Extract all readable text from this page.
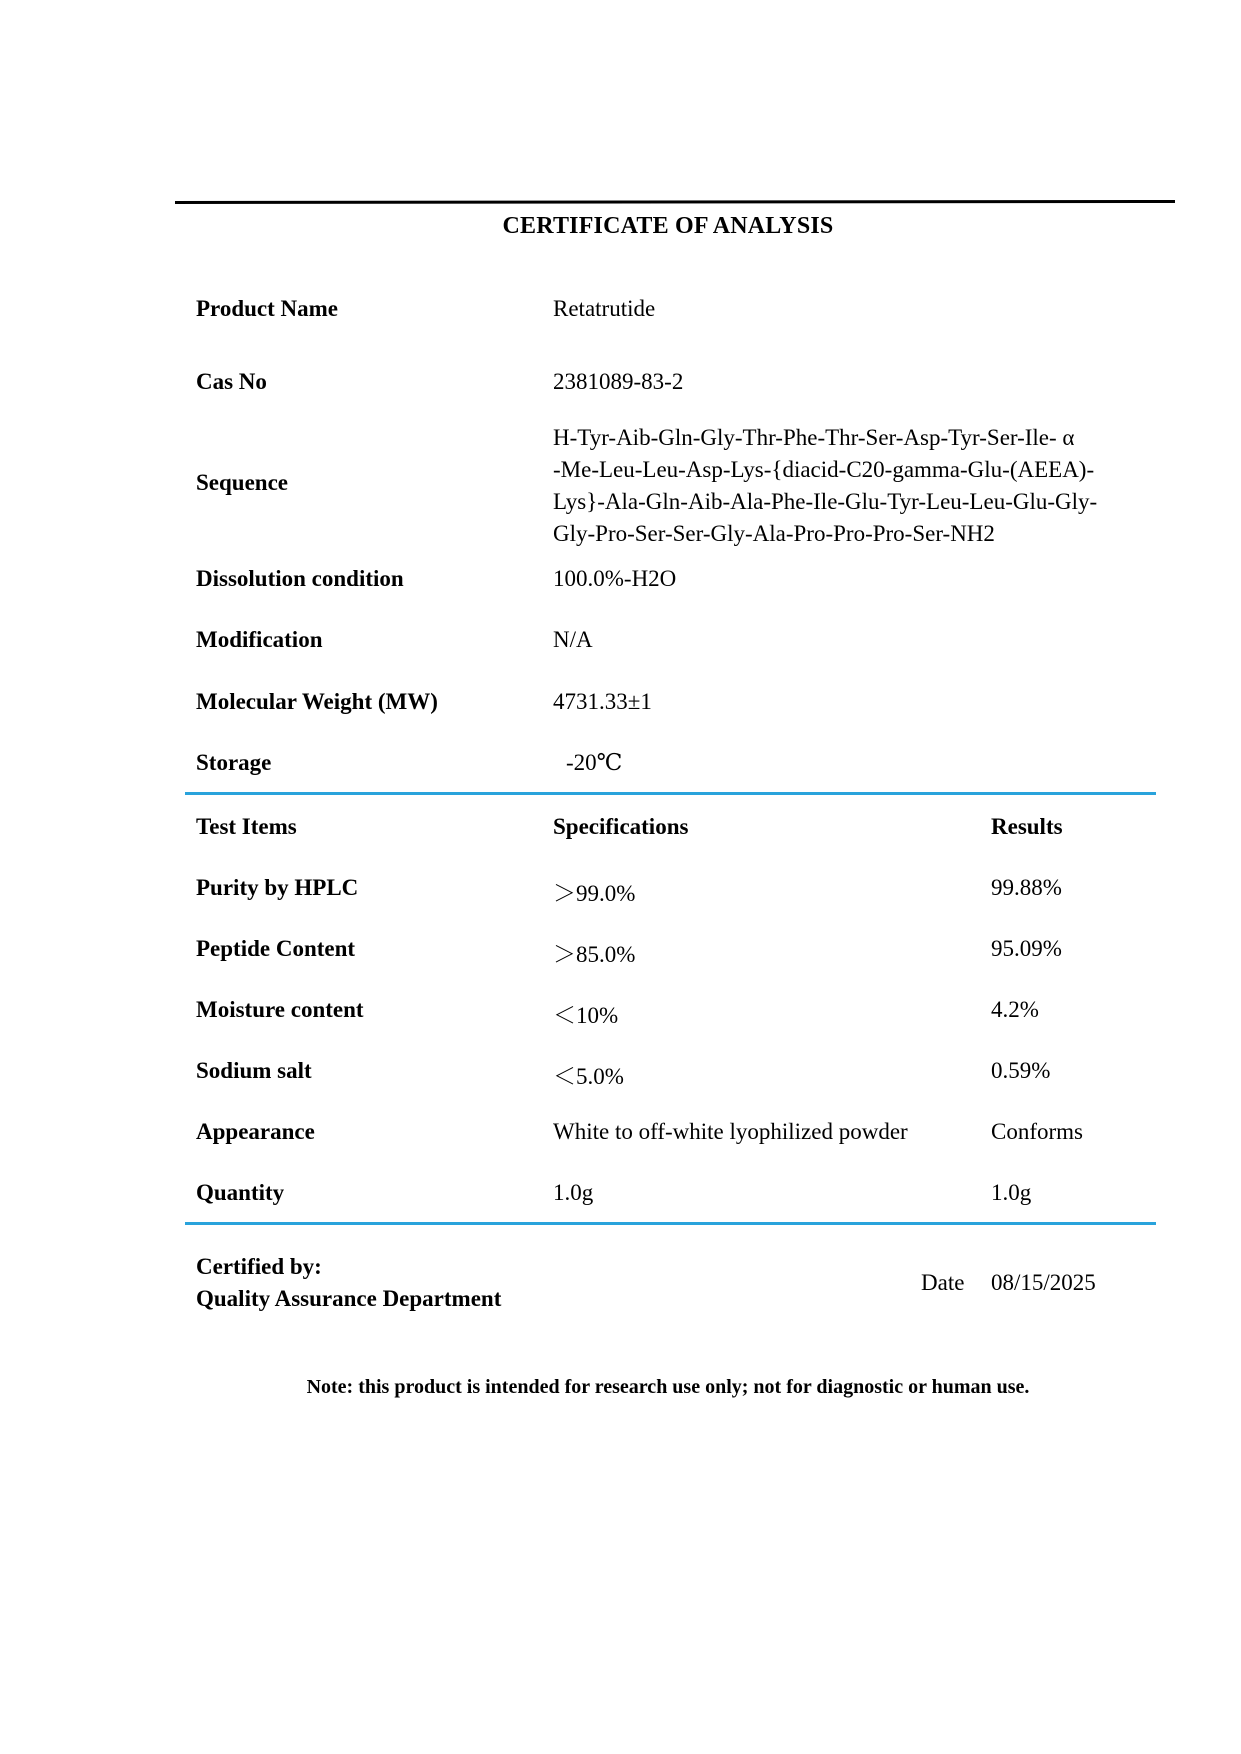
CERTIFICATE OF ANALYSIS
Product Name	Retatrutide
Cas No	2381089-83-2
Sequence
H-Tyr-Aib-Gln-Gly-Thr-Phe-Thr-Ser-Asp-Tyr-Ser-Ile- α
-Me-Leu-Leu-Asp-Lys-{diacid-C20-gamma-Glu-(AEEA)-
Lys}-Ala-Gln-Aib-Ala-Phe-Ile-Glu-Tyr-Leu-Leu-Glu-Gly-
Gly-Pro-Ser-Ser-Gly-Ala-Pro-Pro-Pro-Ser-NH2
Dissolution condition	100.0%-H2O
Modification	N/A
Molecular Weight (MW)	4731.33±1
Storage	-20℃
Test Items	Specifications	Results
Purity by HPLC	＞99.0%	99.88%
Peptide Content	＞85.0%	95.09%
Moisture content	＜10%	4.2%
Sodium salt	＜5.0%	0.59%
Appearance	White to off-white lyophilized powder	Conforms
Quantity	1.0g	1.0g
Certified by:
Quality Assurance Department
Date 08/15/2025
Note: this product is intended for research use only; not for diagnostic or human use.
